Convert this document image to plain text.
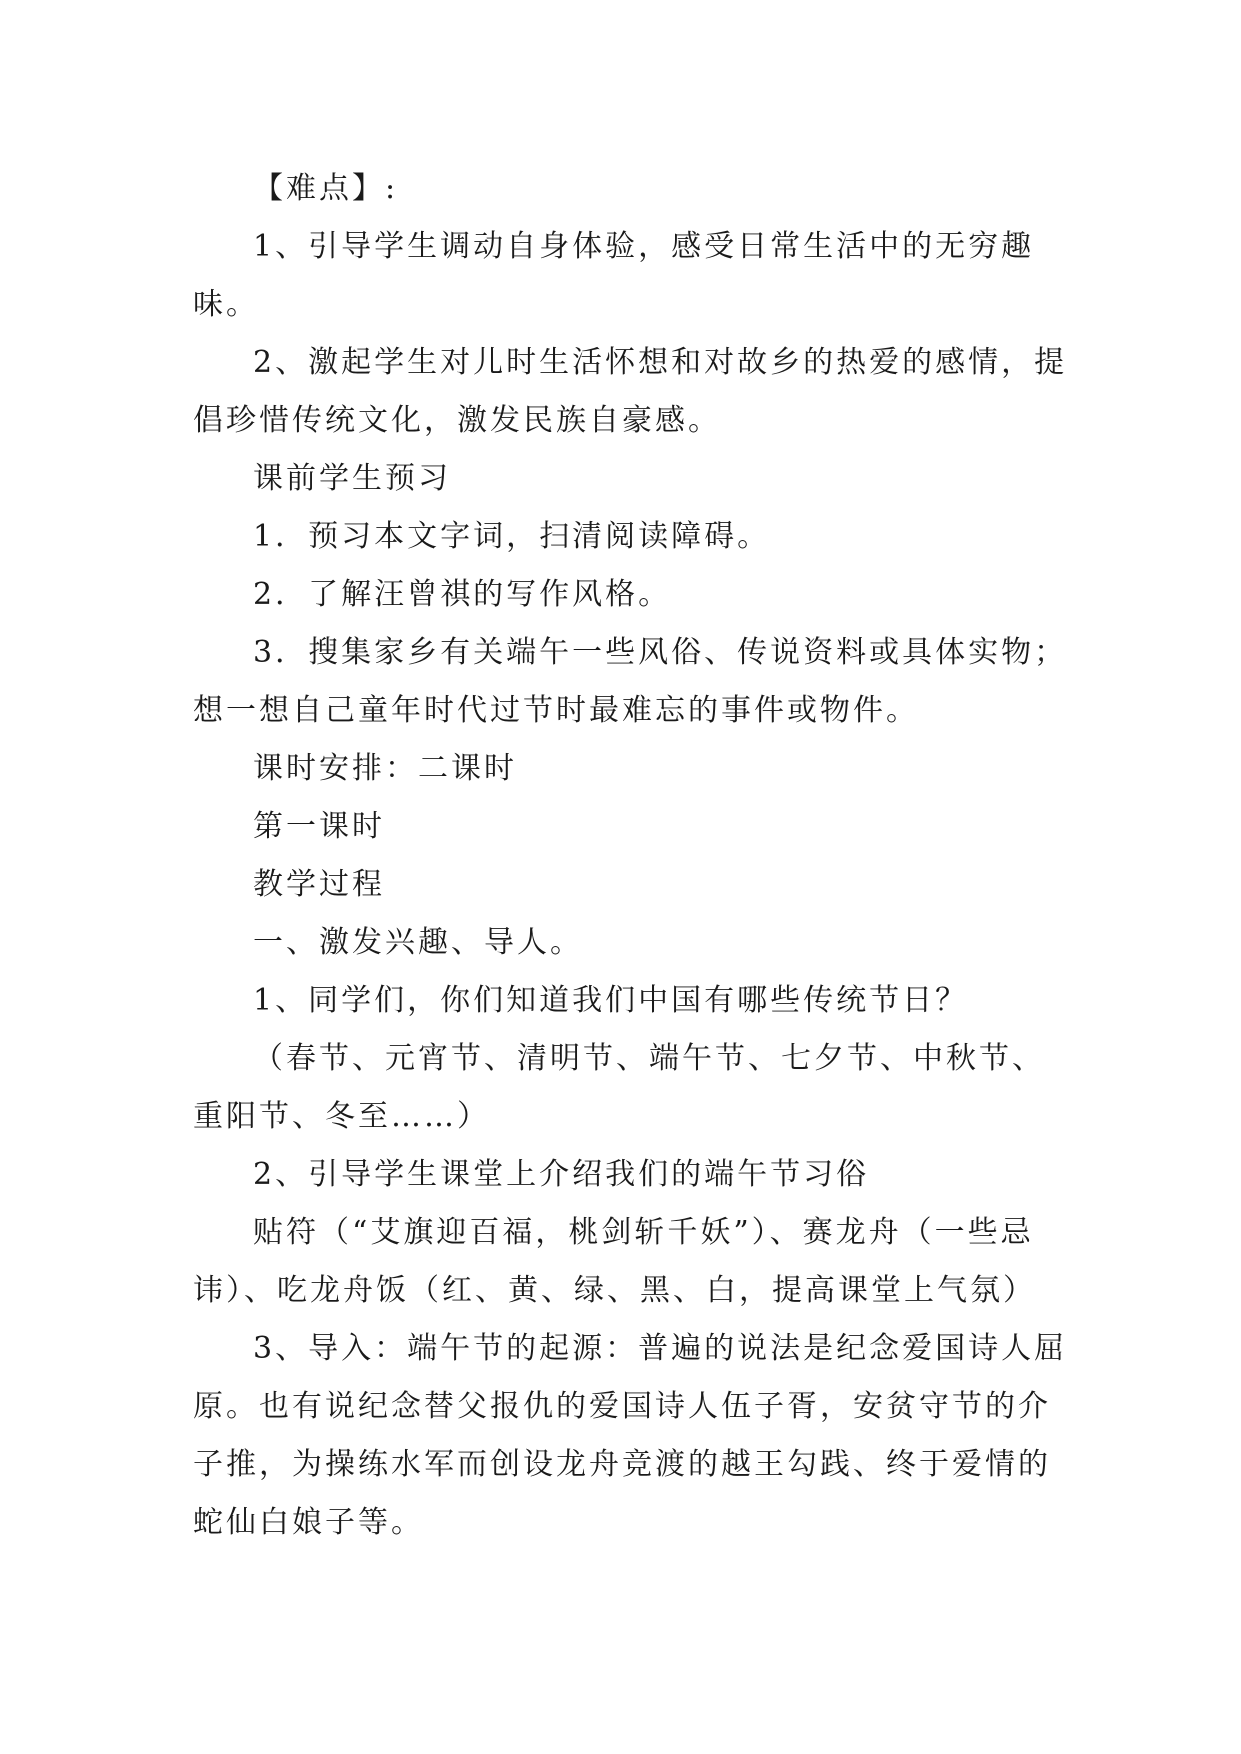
【难点】:

1、引导学生调动自身体验，感受日常生活中的无穷趣味。

2、激起学生对儿时生活怀想和对故乡的热爱的感情，提倡珍惜传统文化，激发民族自豪感。

课前学生预习

1．预习本文字词，扫清阅读障碍。

2．了解汪曾祺的写作风格。

3．搜集家乡有关端午一些风俗、传说资料或具体实物；想一想自己童年时代过节时最难忘的事件或物件。

课时安排：二课时

第一课时

教学过程

一、激发兴趣、导人。

1、同学们，你们知道我们中国有哪些传统节日？

（春节、元宵节、清明节、端午节、七夕节、中秋节、重阳节、冬至……）

2、引导学生课堂上介绍我们的端午节习俗

贴符（“艾旗迎百福，桃剑斩千妖”）、赛龙舟（一些忌讳）、吃龙舟饭（红、黄、绿、黑、白，提高课堂上气氛）

3、导入：端午节的起源：普遍的说法是纪念爱国诗人屈原。也有说纪念替父报仇的爱国诗人伍子胥，安贫守节的介子推，为操练水军而创设龙舟竞渡的越王勾践、终于爱情的蛇仙白娘子等。
